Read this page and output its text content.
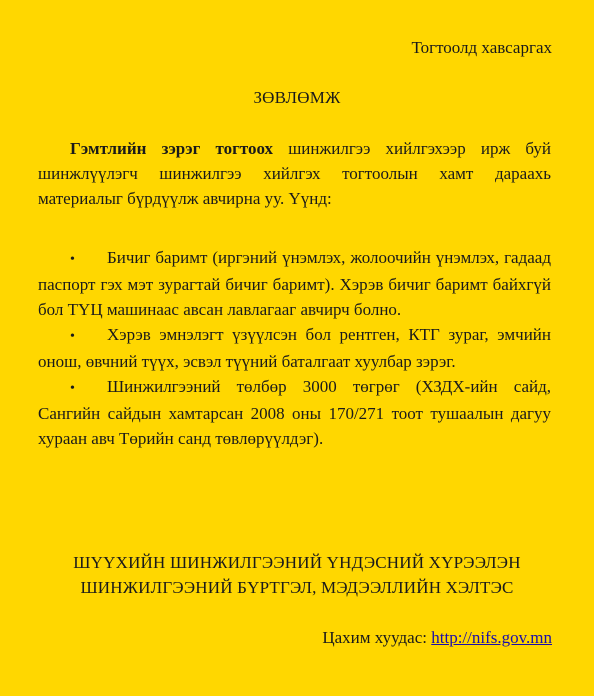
Тогтоолд хавсаргах
ЗӨВЛӨМЖ

Гэмтлийн зэрэг тогтоох шинжилгээ хийлгэхээр ирж буй шинжлүүлэгч шинжилгээ хийлгэх тогтоолын хамт дараахь материалыг бүрдүүлж авчирна уу. Үүнд:

• Бичиг баримт (иргэний үнэмлэх, жолоочийн үнэмлэх, гадаад паспорт гэх мэт зурагтай бичиг баримт). Хэрэв бичиг баримт байхгүй бол ТҮЦ машинаас авсан лавлагааг авчирч болно.
• Хэрэв эмнэлэгт үзүүлсэн бол рентген, КТГ зураг, эмчийн онош, өвчний түүх, эсвэл түүний баталгаат хуулбар зэрэг.
• Шинжилгээний төлбөр 3000 төгрөг (ХЗДХ-ийн сайд, Сангийн сайдын хамтарсан 2008 оны 170/271 тоот тушаалын дагуу хураан авч Төрийн санд төвлөрүүлдэг).
ШҮҮХИЙН ШИНЖИЛГЭЭНИЙ ҮНДЭСНИЙ ХҮРЭЭЛЭН
ШИНЖИЛГЭЭНИЙ БҮРТГЭЛ, МЭДЭЭЛЛИЙН ХЭЛТЭС
Цахим хуудас: http://nifs.gov.mn
